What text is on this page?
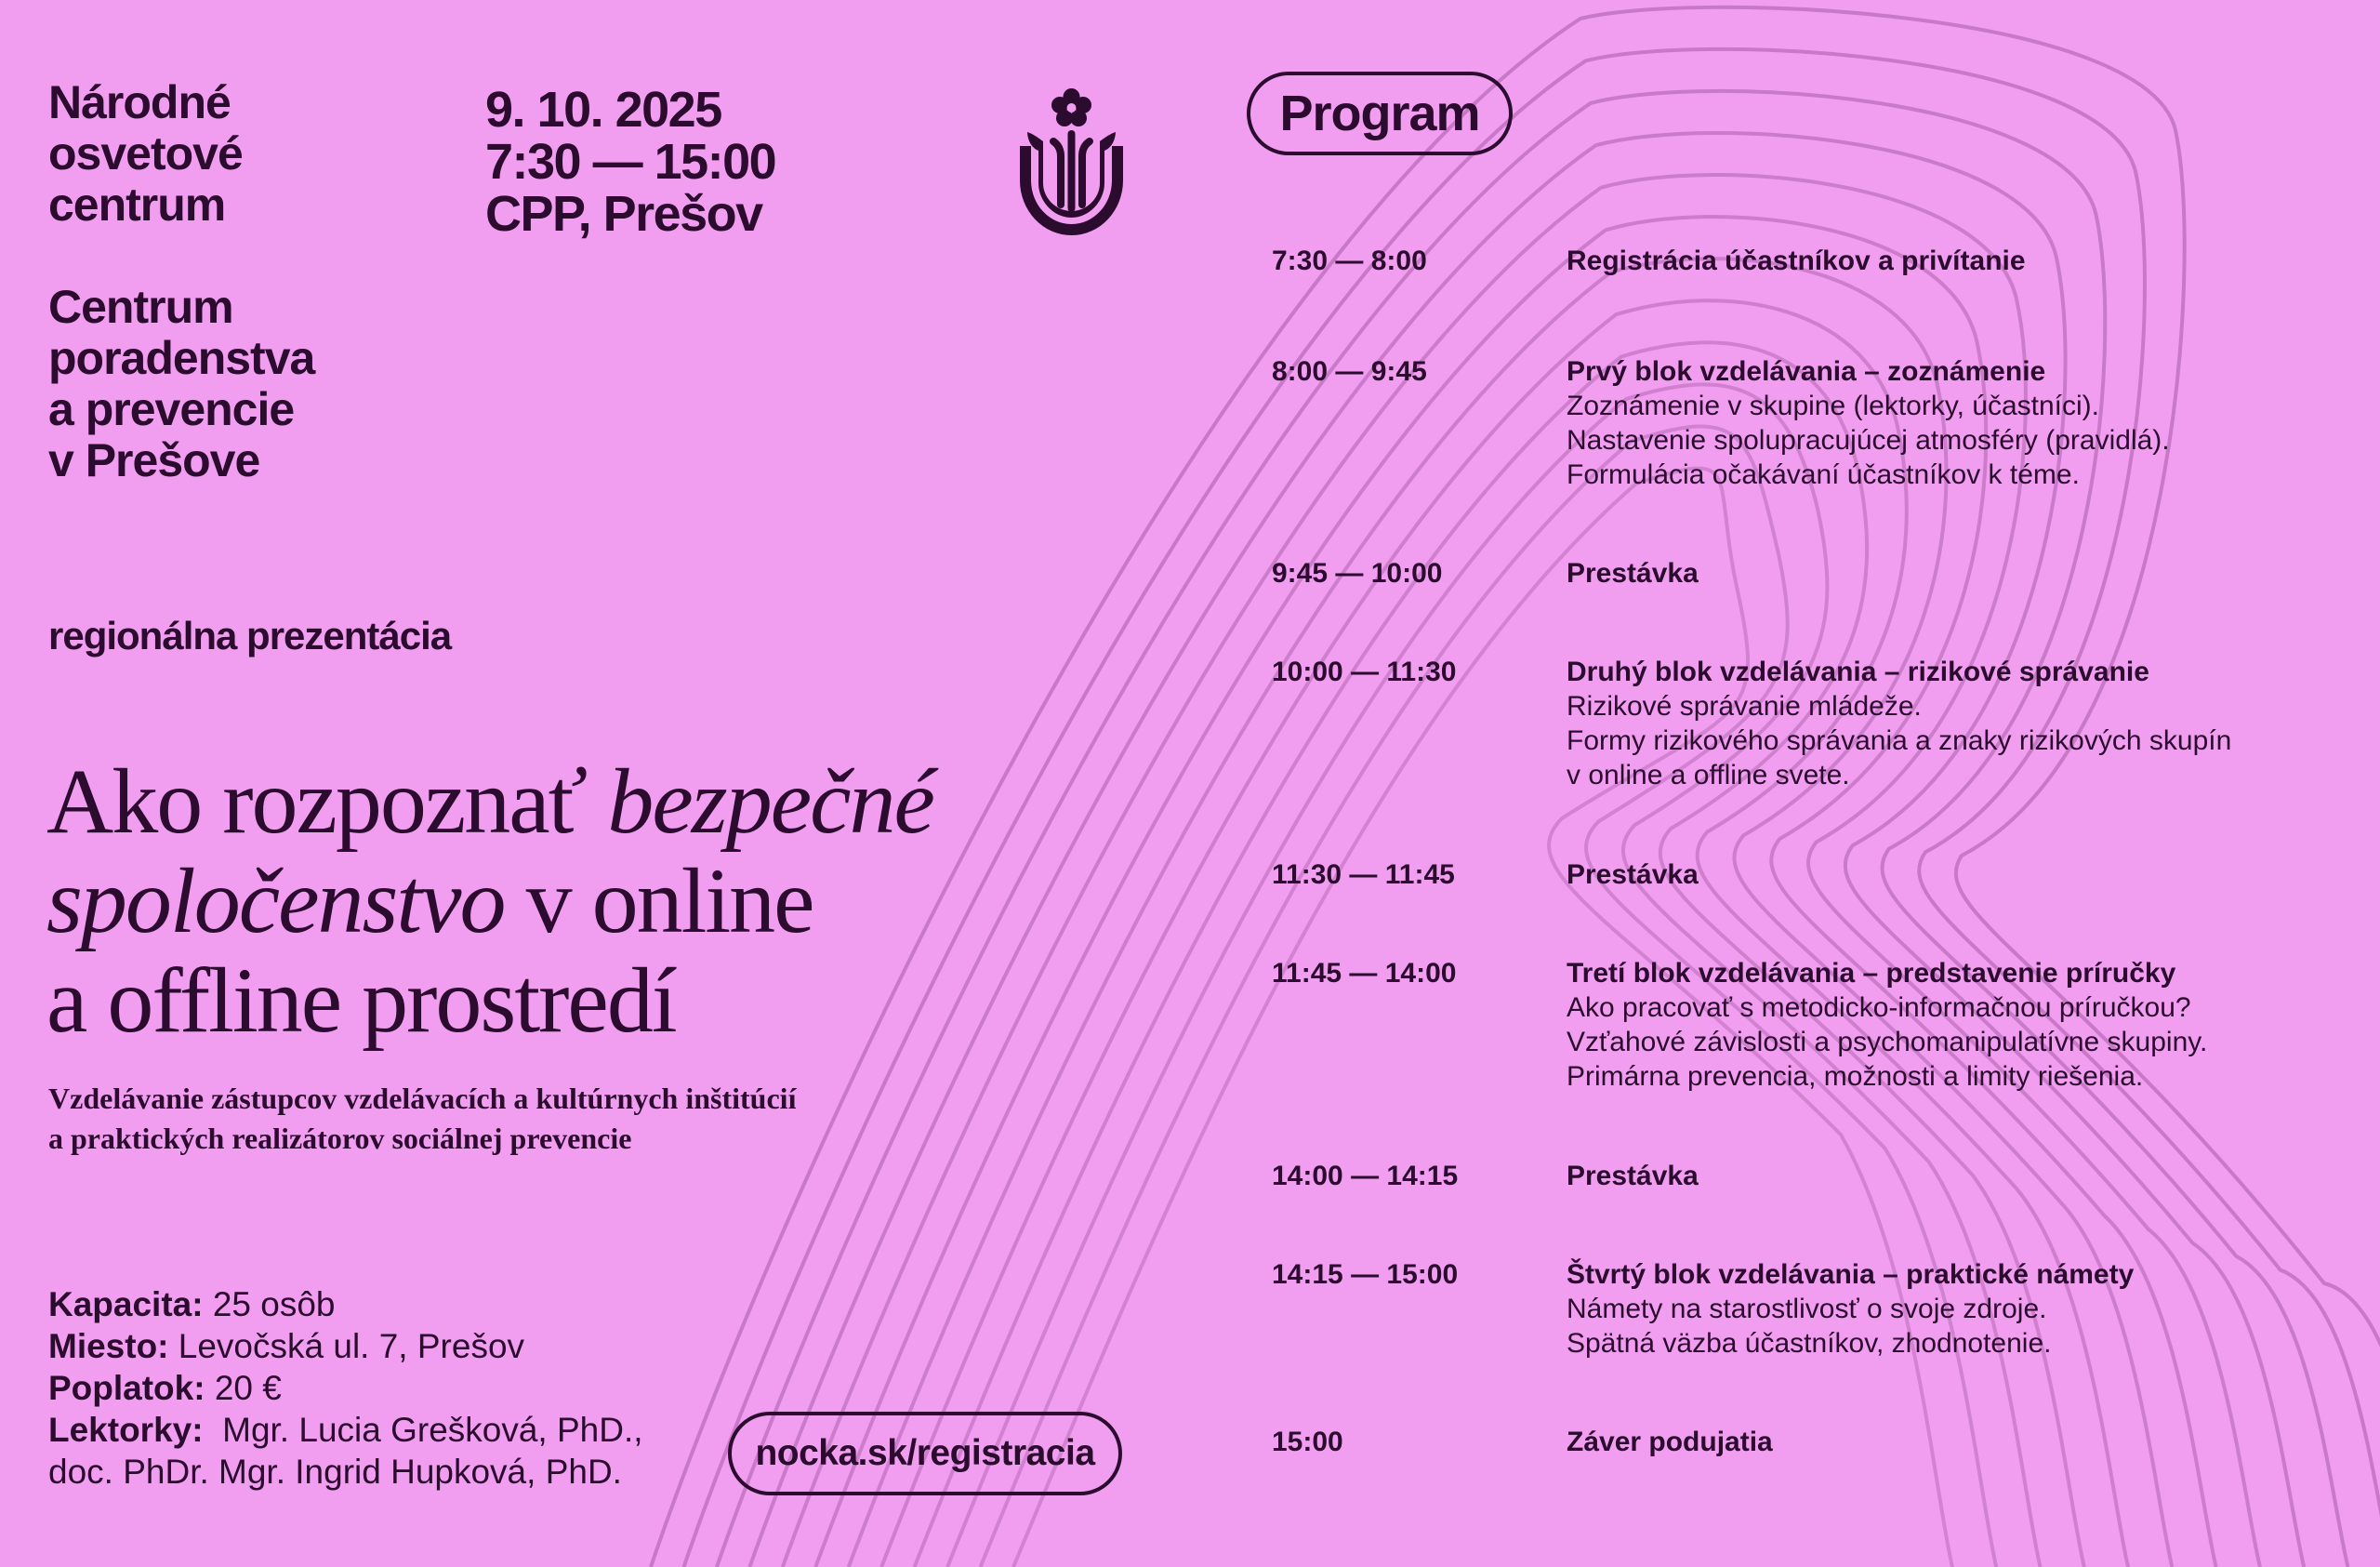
Národné
osvetové
centrum
Centrum
poradenstva
a prevencie
v Prešove
9. 10. 2025
7:30 — 15:00
CPP, Prešov
Program
regionálna prezentácia
Ako rozpoznať bezpečné
spoločenstvo v online
a offline prostredí
Vzdelávanie zástupcov vzdelávacích a kultúrnych inštitúcií
a praktických realizátorov sociálnej prevencie
Kapacita: 25 osôb
Miesto: Levočská ul. 7, Prešov
Poplatok: 20 €
Lektorky:  Mgr. Lucia Grešková, PhD.,
doc. PhDr. Mgr. Ingrid Hupková, PhD.	nocka.sk/registracia
7:30 — 8:00	Registrácia účastníkov a privítanie
8:00 — 9:45	Prvý blok vzdelávania – zoznámenie
Zoznámenie v skupine (lektorky, účastníci).
Nastavenie spolupracujúcej atmosféry (pravidlá).
Formulácia očakávaní účastníkov k téme.
9:45 — 10:00	Prestávka
10:00 — 11:30	Druhý blok vzdelávania – rizikové správanie
Rizikové správanie mládeže.
Formy rizikového správania a znaky rizikových skupín
v online a offline svete.
11:30 — 11:45	Prestávka
11:45 — 14:00	Tretí blok vzdelávania – predstavenie príručky
Ako pracovať s metodicko-informačnou príručkou?
Vzťahové závislosti a psychomanipulatívne skupiny.
Primárna prevencia, možnosti a limity riešenia.
14:00 — 14:15	Prestávka
14:15 — 15:00	Štvrtý blok vzdelávania – praktické námety
Námety na starostlivosť o svoje zdroje.
Spätná väzba účastníkov, zhodnotenie.
15:00	Záver podujatia
